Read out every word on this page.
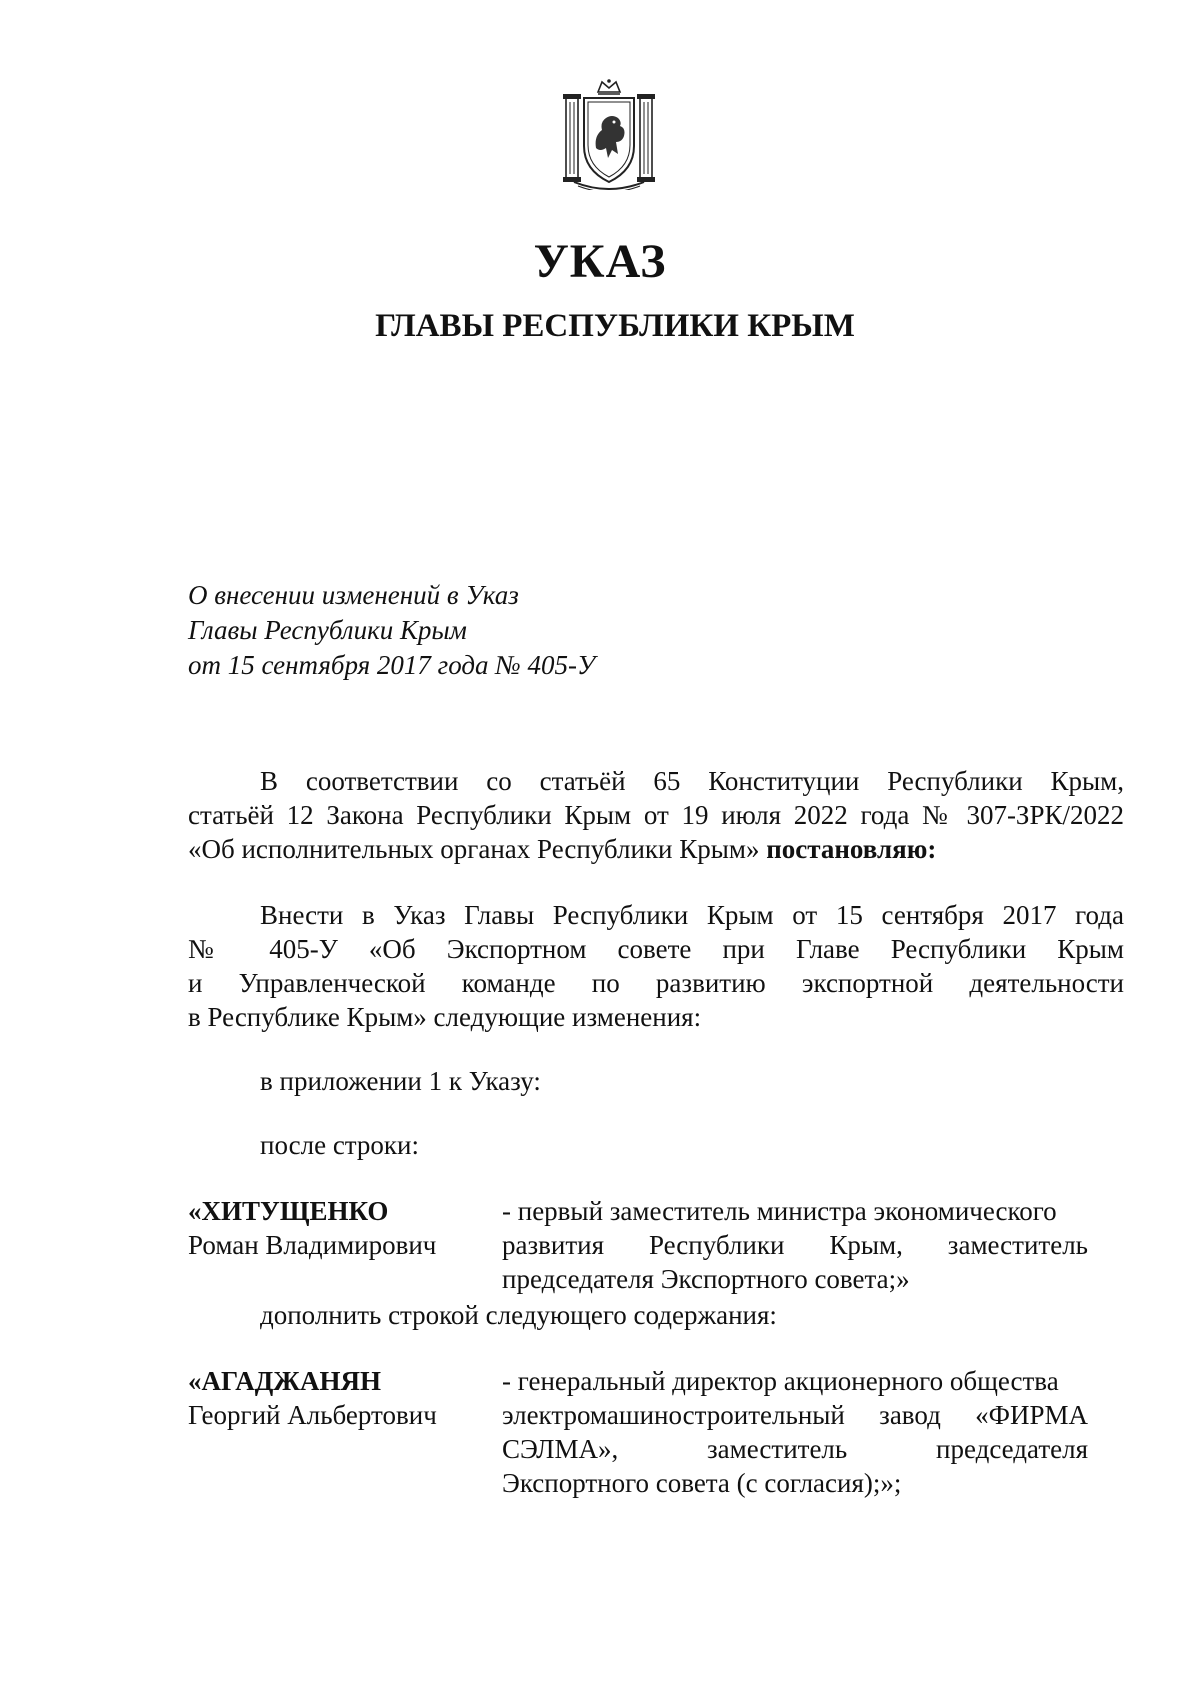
УКАЗ
ГЛАВЫ РЕСПУБЛИКИ КРЫМ
О внесении изменений в Указ
Главы Республики Крым
от 15 сентября 2017 года № 405-У
В соответствии со статьёй 65 Конституции Республики Крым,
статьёй 12 Закона Республики Крым от 19 июля 2022 года № 307-ЗРК/2022
«Об исполнительных органах Республики Крым» постановляю:
Внести в Указ Главы Республики Крым от 15 сентября 2017 года
№ 405-У «Об Экспортном совете при Главе Республики Крым
и Управленческой команде по развитию экспортной деятельности
в Республике Крым» следующие изменения:
в приложении 1 к Указу:
после строки:
«ХИТУЩЕНКО
Роман Владимирович
- первый заместитель министра экономического
развития Республики Крым, заместитель
председателя Экспортного совета;»
дополнить строкой следующего содержания:
«АГАДЖАНЯН
Георгий Альбертович
- генеральный директор акционерного общества
электромашиностроительный завод «ФИРМА
СЭЛМА», заместитель председателя
Экспортного совета (с согласия);»;
